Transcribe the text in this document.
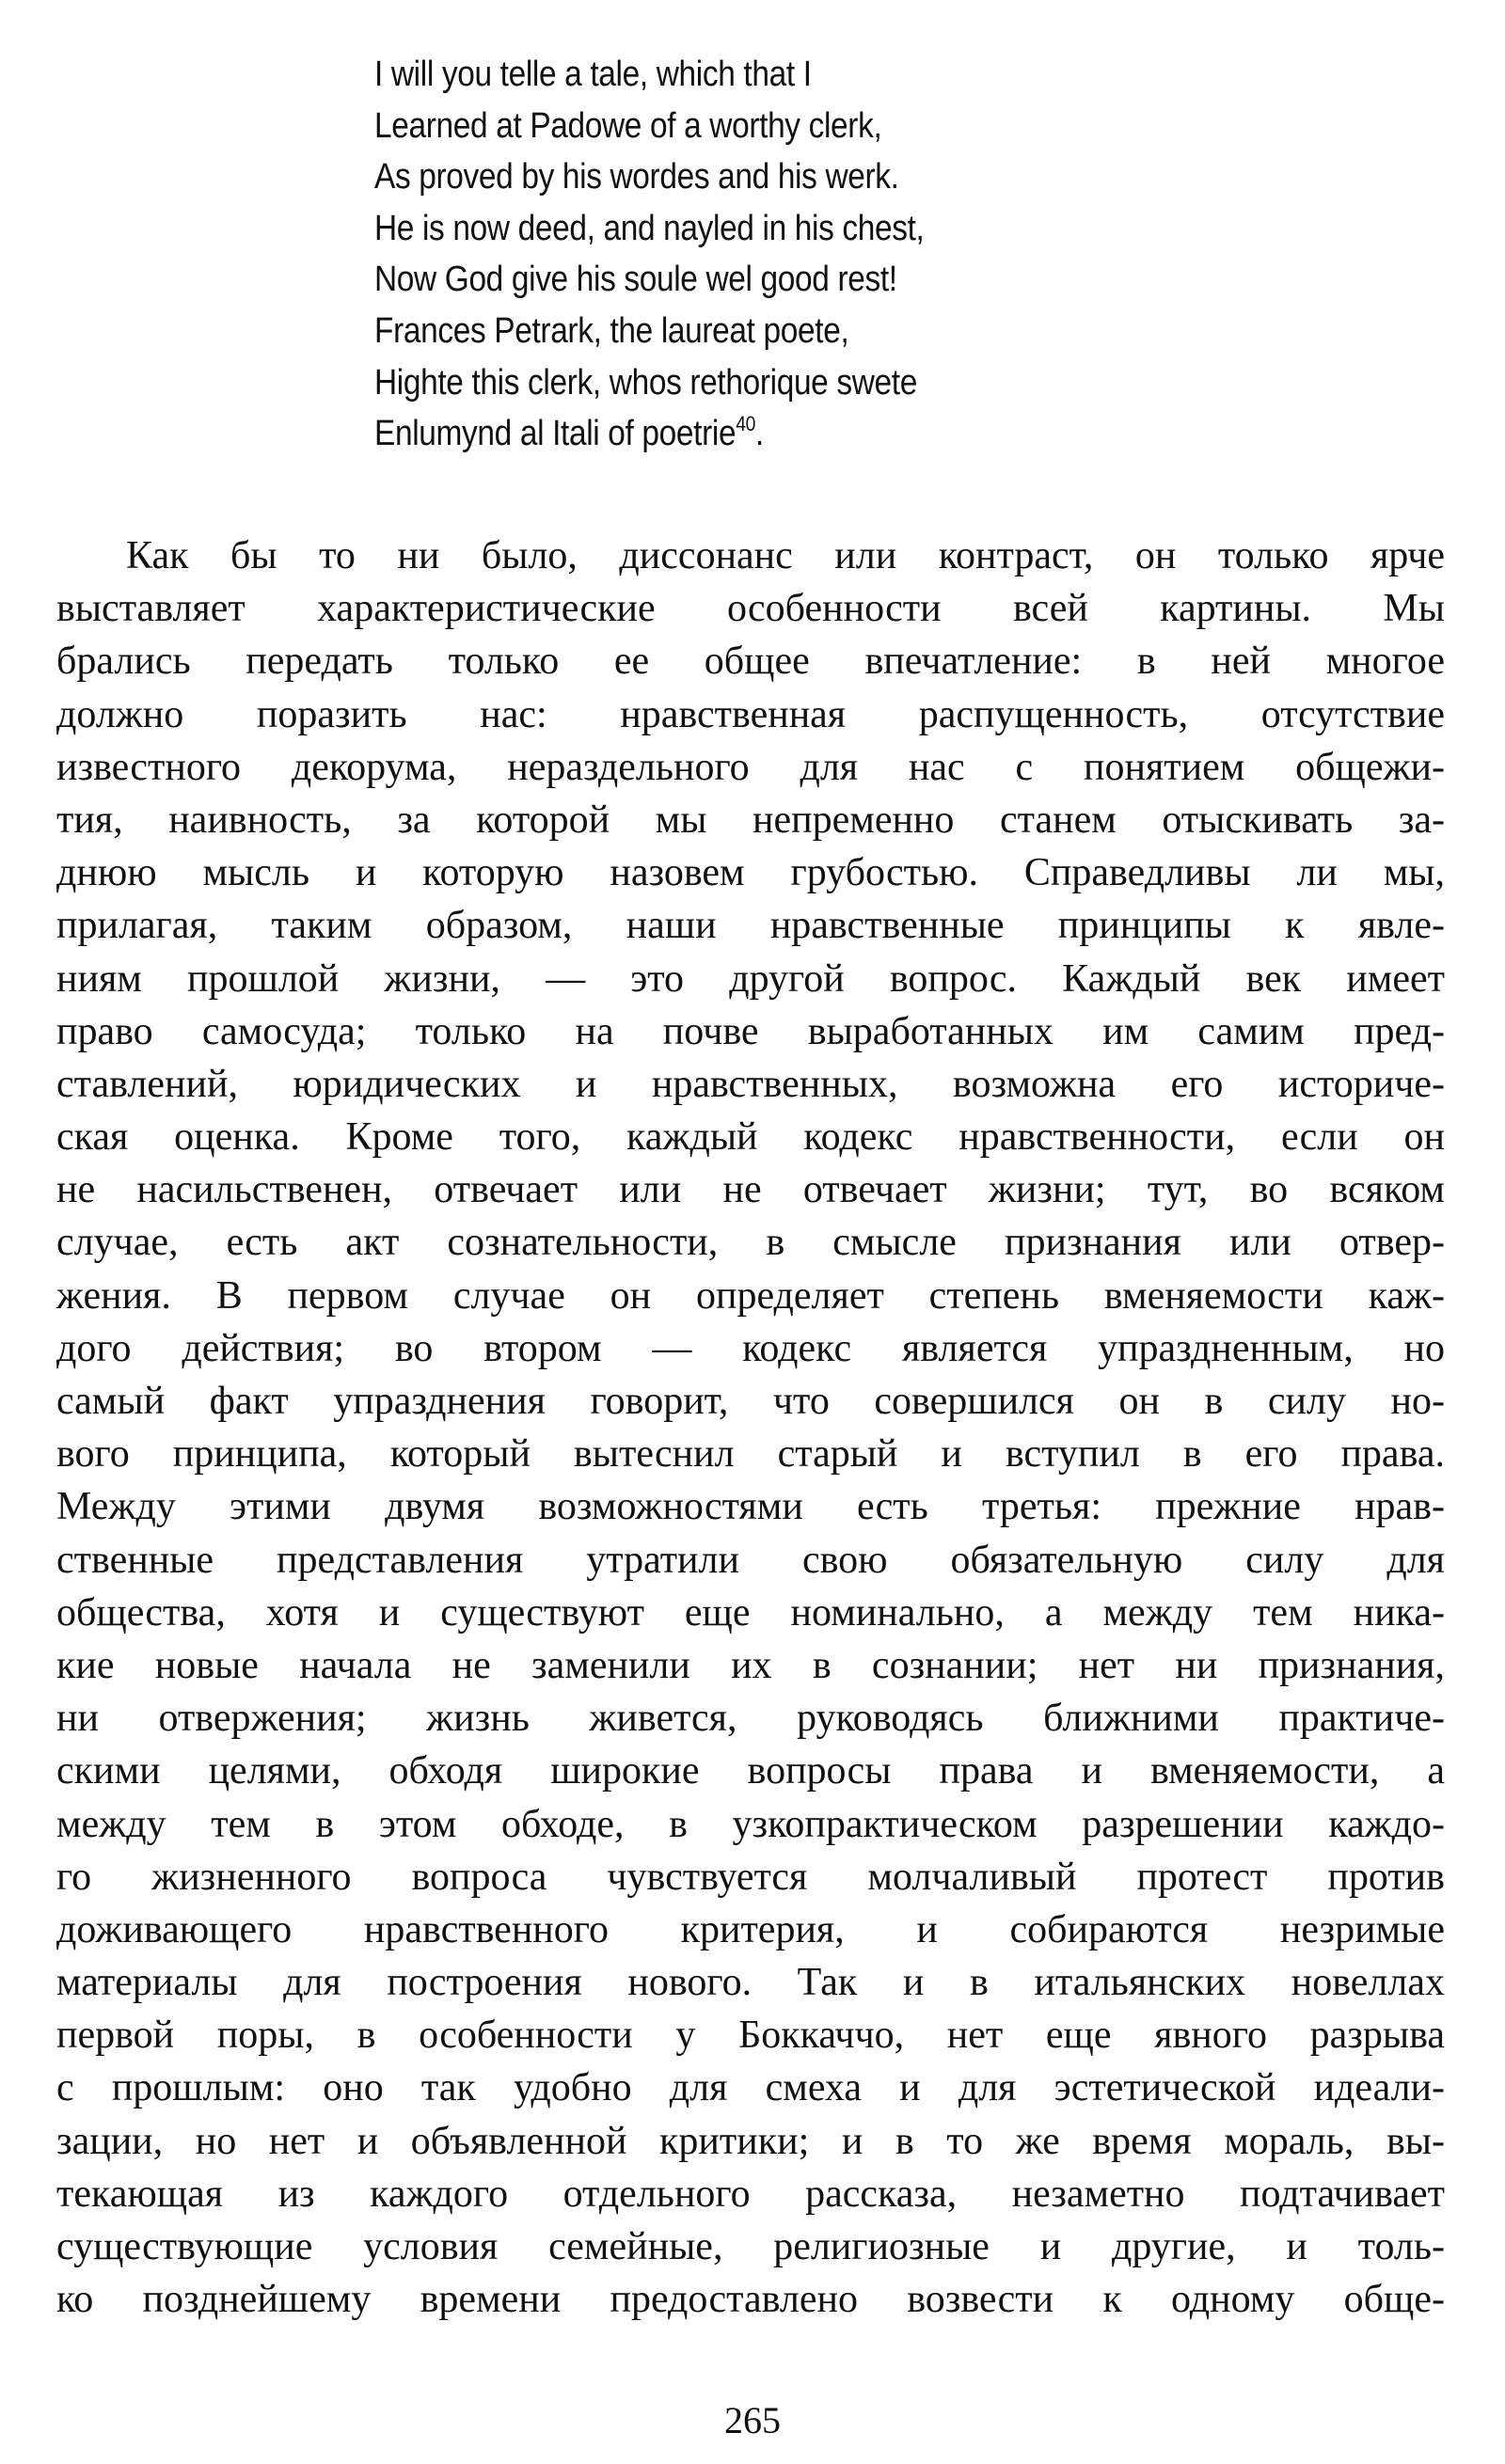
I will you telle a tale, which that I
Learned at Padowe of a worthy clerk,
As proved by his wordes and his werk.
He is now deed, and nayled in his chest,
Now God give his soule wel good rest!
Frances Petrark, the laureat poete,
Highte this clerk, whos rethorique swete
Enlumynd al Itali of poetrie$^{40}$.
Как бы то ни было, диссонанс или контраст, он только ярче
выставляет характеристические особенности всей картины. Мы
брались передать только ее общее впечатление: в ней многое
должно поразить нас: нравственная распущенность, отсутствие
известного декорума, нераздельного для нас с понятием общежи-
тия, наивность, за которой мы непременно станем отыскивать за-
днюю мысль и которую назовем грубостью. Справедливы ли мы,
прилагая, таким образом, наши нравственные принципы к явле-
ниям прошлой жизни, — это другой вопрос. Каждый век имеет
право самосуда; только на почве выработанных им самим пред-
ставлений, юридических и нравственных, возможна его историче-
ская оценка. Кроме того, каждый кодекс нравственности, если он
не насильственен, отвечает или не отвечает жизни; тут, во всяком
случае, есть акт сознательности, в смысле признания или отвер-
жения. В первом случае он определяет степень вменяемости каж-
дого действия; во втором — кодекс является упраздненным, но
самый факт упразднения говорит, что совершился он в силу но-
вого принципа, который вытеснил старый и вступил в его права.
Между этими двумя возможностями есть третья: прежние нрав-
ственные представления утратили свою обязательную силу для
общества, хотя и существуют еще номинально, а между тем ника-
кие новые начала не заменили их в сознании; нет ни признания,
ни отвержения; жизнь живется, руководясь ближними практиче-
скими целями, обходя широкие вопросы права и вменяемости, а
между тем в этом обходе, в узкопрактическом разрешении каждо-
го жизненного вопроса чувствуется молчаливый протест против
доживающего нравственного критерия, и собираются незримые
материалы для построения нового. Так и в итальянских новеллах
первой поры, в особенности у Боккаччо, нет еще явного разрыва
с прошлым: оно так удобно для смеха и для эстетической идеали-
зации, но нет и объявленной критики; и в то же время мораль, вы-
текающая из каждого отдельного рассказа, незаметно подтачивает
существующие условия семейные, религиозные и другие, и толь-
ко позднейшему времени предоставлено возвести к одному обще-
265
